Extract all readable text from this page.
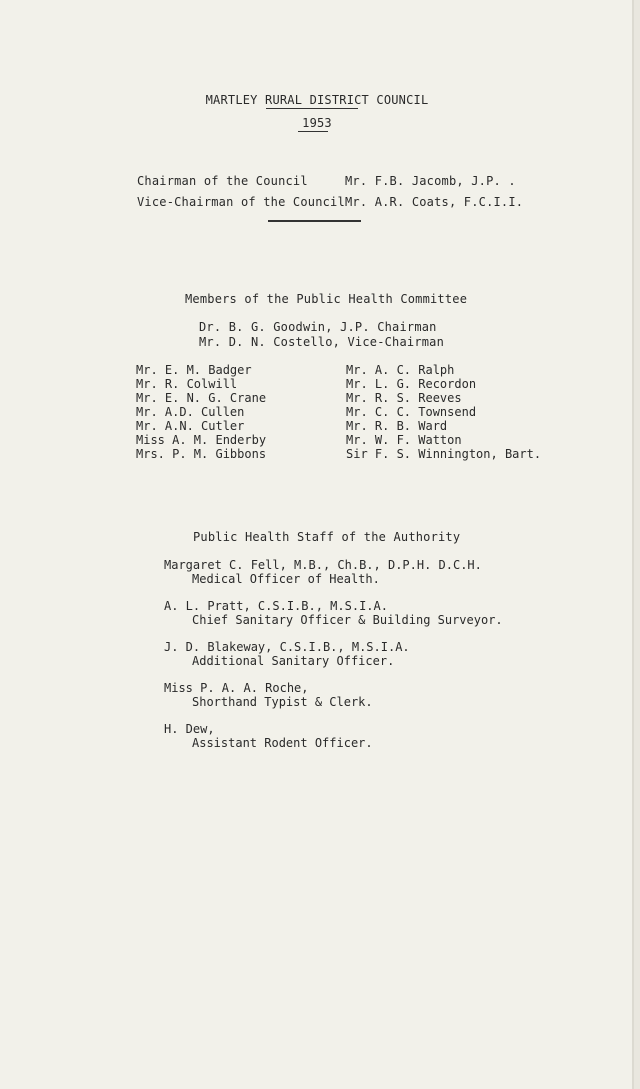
MARTLEY RURAL DISTRICT COUNCIL
1953
Chairman of the Council	Mr. F.B. Jacomb, J.P. .
Vice-Chairman of the Council Mr. A.R. Coats, F.C.I.I.
Members of the Public Health Committee
Dr. B. G. Goodwin, J.P. Chairman
Mr. D. N. Costello, Vice-Chairman
Mr. E. M. Badger
Mr. R. Colwill
Mr. E. N. G. Crane
Mr. A.D. Cullen
Mr. A.N. Cutler
Miss A. M. Enderby
Mrs. P. M. Gibbons
Mr. A. C. Ralph
Mr. L. G. Recordon
Mr. R. S. Reeves
Mr. C. C. Townsend
Mr. R. B. Ward
Mr. W. F. Watton
Sir F. S. Winnington, Bart.
Public Health Staff of the Authority
Margaret C. Fell, M.B., Ch.B., D.P.H. D.C.H.
Medical Officer of Health.
A. L. Pratt, C.S.I.B., M.S.I.A.
Chief Sanitary Officer & Building Surveyor.
J. D. Blakeway, C.S.I.B., M.S.I.A.
Additional Sanitary Officer.
Miss P. A. A. Roche,
Shorthand Typist & Clerk.
H. Dew,
Assistant Rodent Officer.
